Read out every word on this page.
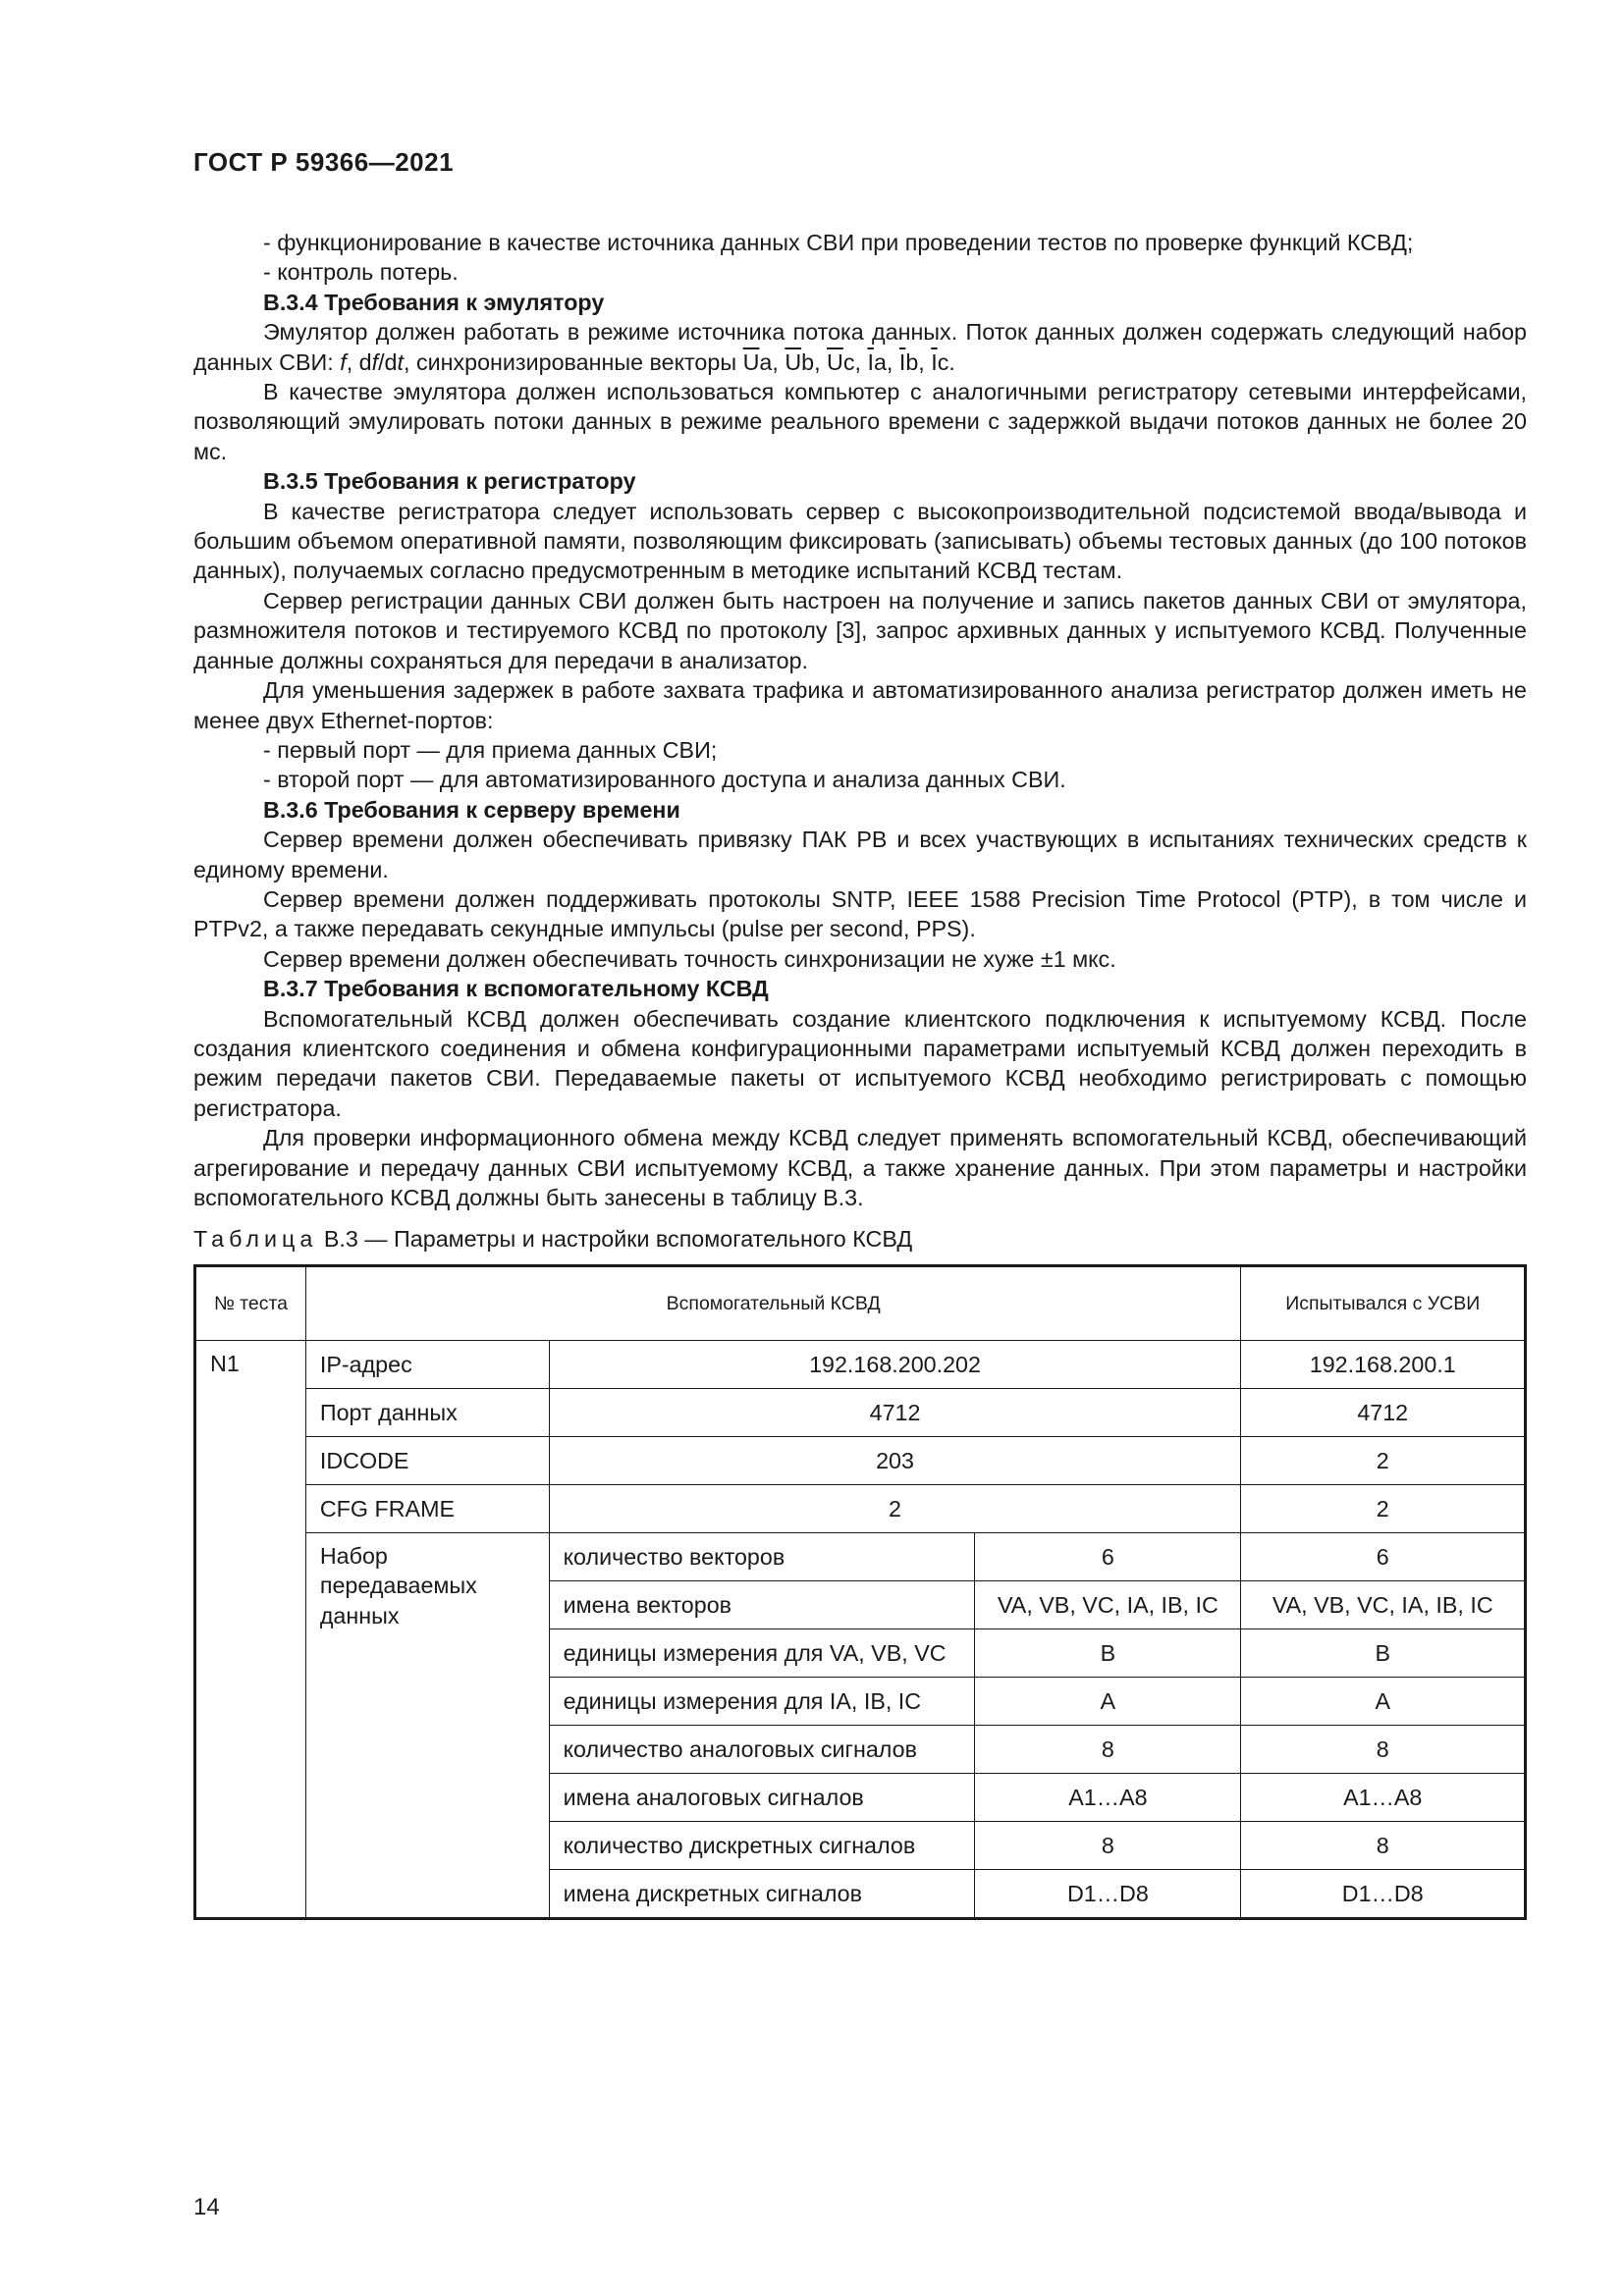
ГОСТ Р 59366—2021

- функционирование в качестве источника данных СВИ при проведении тестов по проверке функций КСВД;

- контроль потерь.

В.3.4 Требования к эмулятору

Эмулятор должен работать в режиме источника потока данных. Поток данных должен содержать следующий набор данных СВИ: f, df/dt, синхронизированные векторы $\overline{U}a$, $\overline{U}b$, $\overline{U}c$, $\overline{I}a$, $\overline{I}b$, $\overline{I}c$.

В качестве эмулятора должен использоваться компьютер с аналогичными регистратору сетевыми интерфейсами, позволяющий эмулировать потоки данных в режиме реального времени с задержкой выдачи потоков данных не более 20 мс.

В.3.5 Требования к регистратору

В качестве регистратора следует использовать сервер с высокопроизводительной подсистемой ввода/вывода и большим объемом оперативной памяти, позволяющим фиксировать (записывать) объемы тестовых данных (до 100 потоков данных), получаемых согласно предусмотренным в методике испытаний КСВД тестам.

Сервер регистрации данных СВИ должен быть настроен на получение и запись пакетов данных СВИ от эмулятора, размножителя потоков и тестируемого КСВД по протоколу [3], запрос архивных данных у испытуемого КСВД. Полученные данные должны сохраняться для передачи в анализатор.

Для уменьшения задержек в работе захвата трафика и автоматизированного анализа регистратор должен иметь не менее двух Ethernet-портов:

- первый порт — для приема данных СВИ;

- второй порт — для автоматизированного доступа и анализа данных СВИ.

В.3.6 Требования к серверу времени

Сервер времени должен обеспечивать привязку ПАК РВ и всех участвующих в испытаниях технических средств к единому времени.

Сервер времени должен поддерживать протоколы SNTP, IEEE 1588 Precision Time Protocol (PTP), в том числе и PTPv2, а также передавать секундные импульсы (pulse per second, PPS).

Сервер времени должен обеспечивать точность синхронизации не хуже ±1 мкс.

В.3.7 Требования к вспомогательному КСВД

Вспомогательный КСВД должен обеспечивать создание клиентского подключения к испытуемому КСВД. После создания клиентского соединения и обмена конфигурационными параметрами испытуемый КСВД должен переходить в режим передачи пакетов СВИ. Передаваемые пакеты от испытуемого КСВД необходимо регистрировать с помощью регистратора.

Для проверки информационного обмена между КСВД следует применять вспомогательный КСВД, обеспечивающий агрегирование и передачу данных СВИ испытуемому КСВД, а также хранение данных. При этом параметры и настройки вспомогательного КСВД должны быть занесены в таблицу В.3.

Таблица В.3 — Параметры и настройки вспомогательного КСВД
№ теста	Вспомогательный КСВД			Испытывался с УСВИ
N1	IP-адрес	192.168.200.202		192.168.200.1
	Порт данных	4712		4712
	IDCODE	203		2
	CFG FRAME	2		2
	Набор передаваемых данных	количество векторов	6	6
		имена векторов	VA, VB, VC, IA, IB, IC	VA, VB, VC, IA, IB, IC
		единицы измерения для VA, VB, VC	В	В
		единицы измерения для IA, IB, IC	А	А
		количество аналоговых сигналов	8	8
		имена аналоговых сигналов	А1…А8	А1…А8
		количество дискретных сигналов	8	8
		имена дискретных сигналов	D1…D8	D1…D8
14
